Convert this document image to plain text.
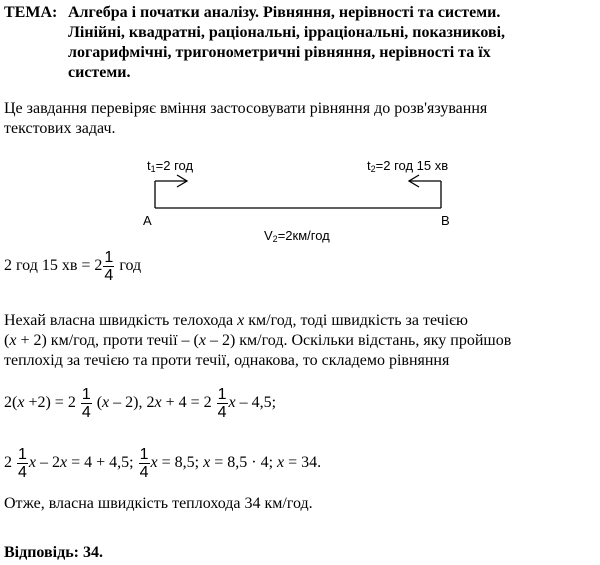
ТЕМА: Алгебра і початки аналізу. Рівняння, нерівності та системи.
Лінійні, квадратні, раціональні, ірраціональні, показникові,
логарифмічні, тригонометричні рівняння, нерівності та їх
системи.
Це завдання перевіряє вміння застосовувати рівняння до розв'язування
текстових задач.
$t_1=2$ год	$t_2=2$ год 15 хв
A	B
$V_2=2км$/год
2 год 15 хв = $2 \frac{1}{4}$ год
Нехай власна швидкість телохода x км/год, тоді швидкість за течією
(x + 2) км/год, проти течії – (x – 2) км/год. Оскільки відстань, яку пройшов
теплохід за течією та проти течії, однакова, то складемо рівняння
$2(x +2) = 2 \frac{1}{4} (x - 2)$, $2x + 4 = 2 \frac{1}{4}$ x – 4,5;
$2 \frac{1}{4}$ x – 2x = 4 + 4,5; $\frac{1}{4}$ x = 8,5; x = 8,5 · 4; x = 34.
Отже, власна швидкість теплохода 34 км/год.
Відповідь: 34.
